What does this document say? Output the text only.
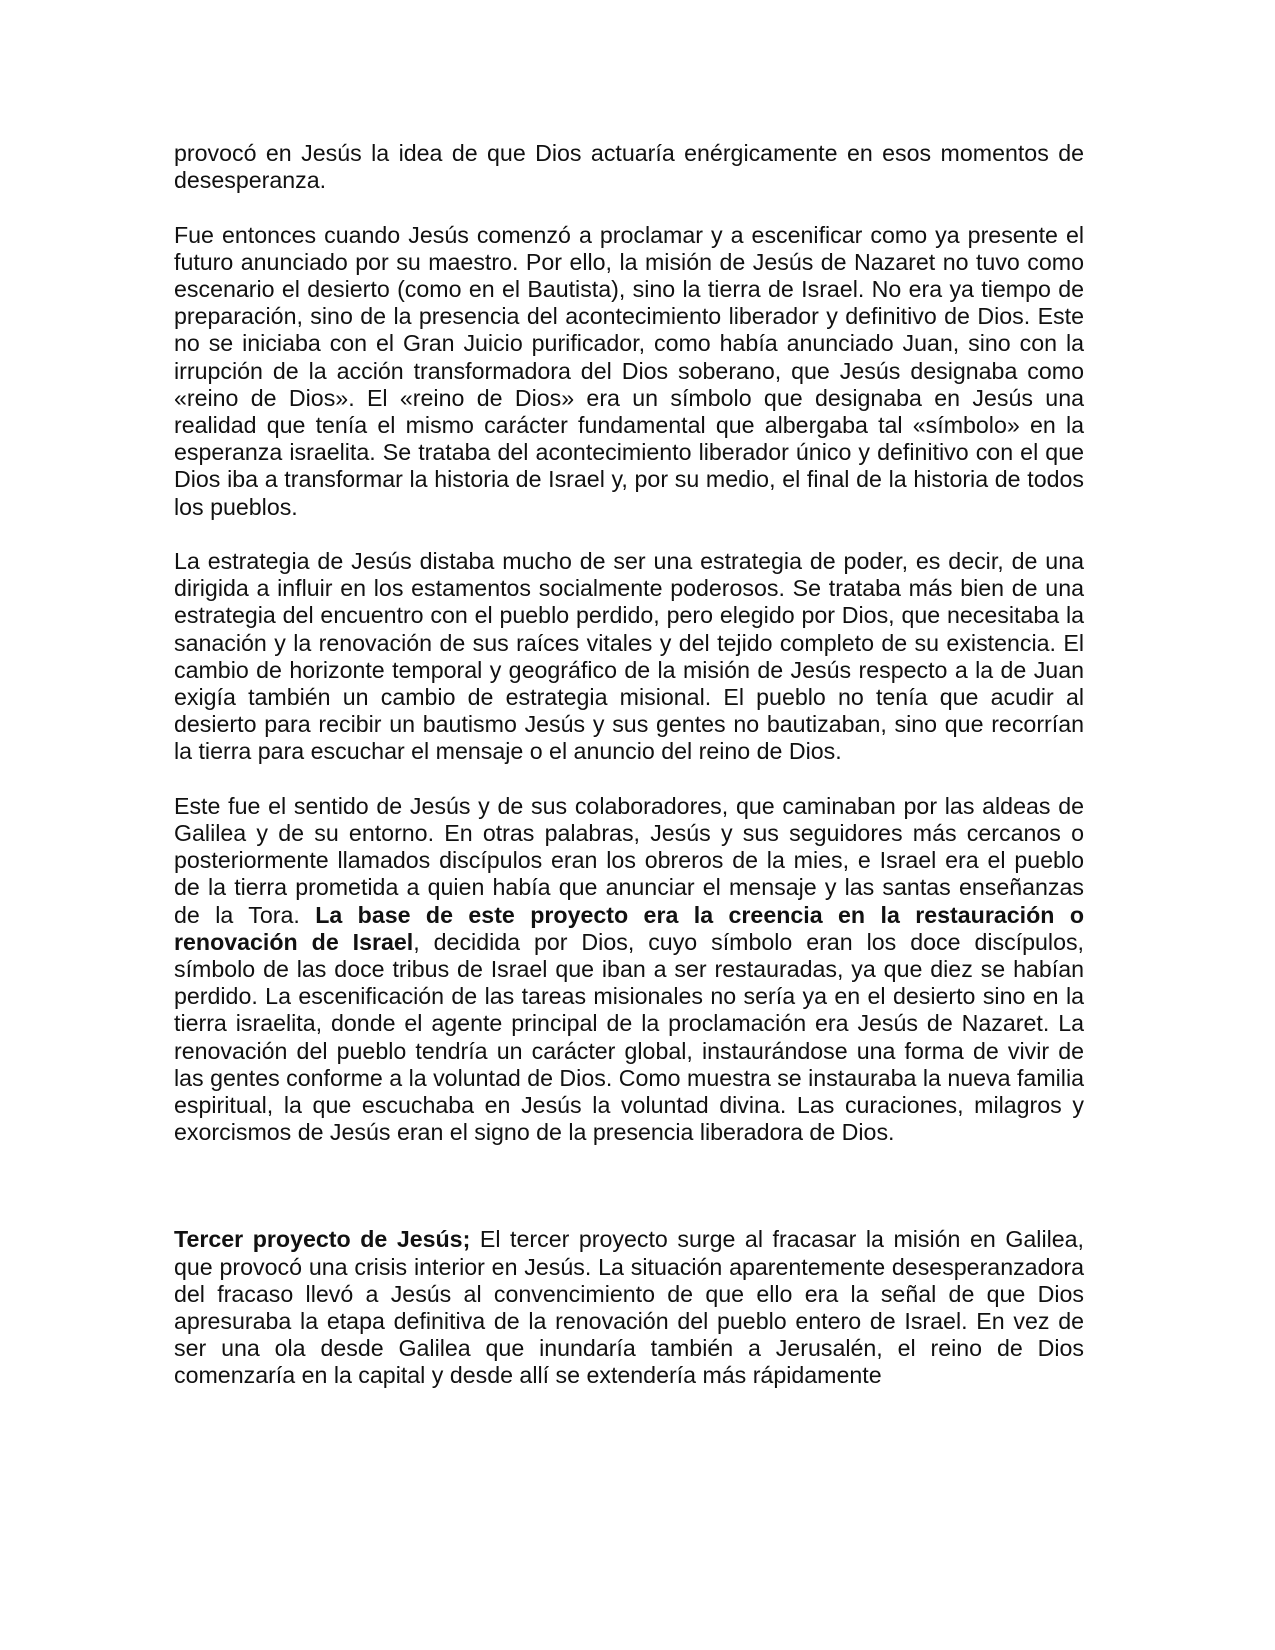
provocó en Jesús la idea de que Dios actuaría enérgicamente en esos momentos de desesperanza.

Fue entonces cuando Jesús comenzó a proclamar y a escenificar como ya presente el futuro anunciado por su maestro. Por ello, la misión de Jesús de Nazaret no tuvo como escenario el desierto (como en el Bautista), sino la tierra de Israel. No era ya tiempo de preparación, sino de la presencia del acontecimiento liberador y definitivo de Dios. Este no se iniciaba con el Gran Juicio purificador, como había anunciado Juan, sino con la irrupción de la acción transformadora del Dios soberano, que Jesús designaba como «reino de Dios». El «reino de Dios» era un símbolo que designaba en Jesús una realidad que tenía el mismo carácter fundamental que albergaba tal «símbolo» en la esperanza israelita. Se trataba del acontecimiento liberador único y definitivo con el que Dios iba a transformar la historia de Israel y, por su medio, el final de la historia de todos los pueblos.

La estrategia de Jesús distaba mucho de ser una estrategia de poder, es decir, de una dirigida a influir en los estamentos socialmente poderosos. Se trataba más bien de una estrategia del encuentro con el pueblo perdido, pero elegido por Dios, que necesitaba la sanación y la renovación de sus raíces vitales y del tejido completo de su existencia. El cambio de horizonte temporal y geográfico de la misión de Jesús respecto a la de Juan exigía también un cambio de estrategia misional. El pueblo no tenía que acudir al desierto para recibir un bautismo Jesús y sus gentes no bautizaban, sino que recorrían la tierra para escuchar el mensaje o el anuncio del reino de Dios.

Este fue el sentido de Jesús y de sus colaboradores, que caminaban por las aldeas de Galilea y de su entorno. En otras palabras, Jesús y sus seguidores más cercanos o posteriormente llamados discípulos eran los obreros de la mies, e Israel era el pueblo de la tierra prometida a quien había que anunciar el mensaje y las santas enseñanzas de la Tora. La base de este proyecto era la creencia en la restauración o renovación de Israel, decidida por Dios, cuyo símbolo eran los doce discípulos, símbolo de las doce tribus de Israel que iban a ser restauradas, ya que diez se habían perdido. La escenificación de las tareas misionales no sería ya en el desierto sino en la tierra israelita, donde el agente principal de la proclamación era Jesús de Nazaret. La renovación del pueblo tendría un carácter global, instaurándose una forma de vivir de las gentes conforme a la voluntad de Dios. Como muestra se instauraba la nueva familia espiritual, la que escuchaba en Jesús la voluntad divina. Las curaciones, milagros y exorcismos de Jesús eran el signo de la presencia liberadora de Dios.

Tercer proyecto de Jesús; El tercer proyecto surge al fracasar la misión en Galilea, que provocó una crisis interior en Jesús. La situación aparentemente desesperanzadora del fracaso llevó a Jesús al convencimiento de que ello era la señal de que Dios apresuraba la etapa definitiva de la renovación del pueblo entero de Israel. En vez de ser una ola desde Galilea que inundaría también a Jerusalén, el reino de Dios comenzaría en la capital y desde allí se extendería más rápidamente
